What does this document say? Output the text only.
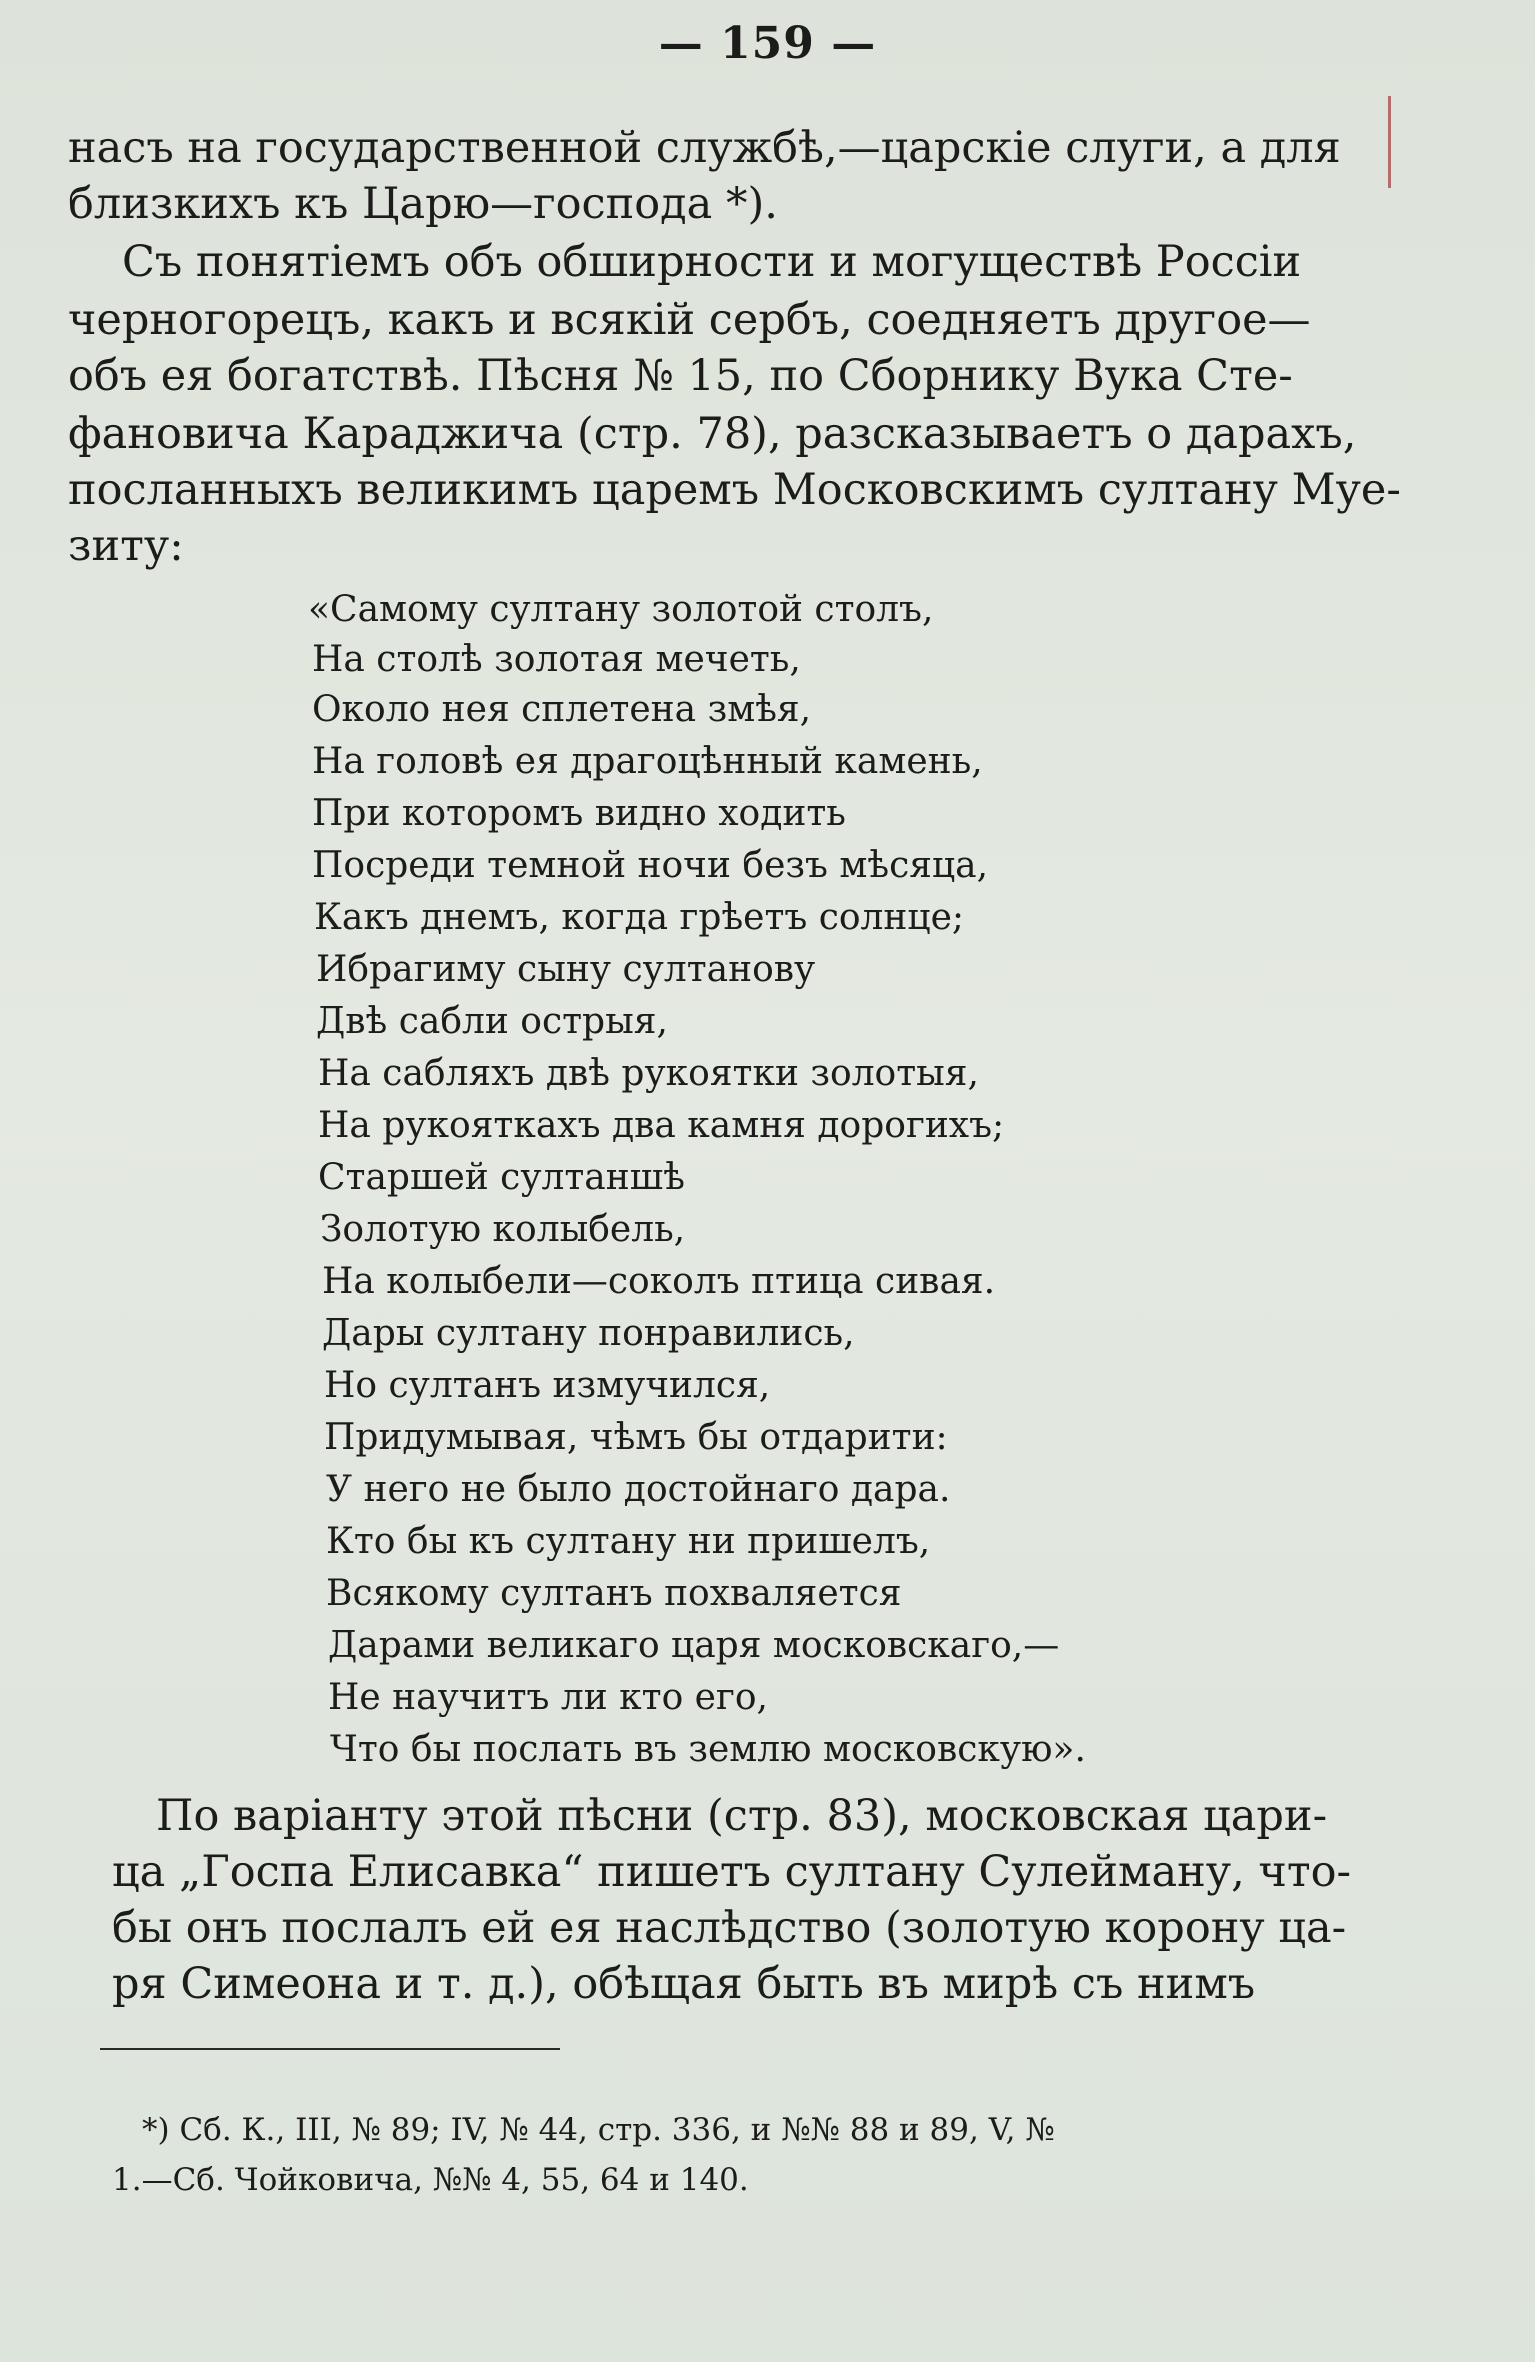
— 159 —
насъ на государственной службѣ,—царскіе слуги, а для
близкихъ къ Царю—господа *).
Съ понятіемъ объ обширности и могуществѣ Россіи
черногорецъ, какъ и всякій сербъ, соедняетъ другое—
объ ея богатствѣ. Пѣсня № 15, по Сборнику Вука Сте-
фановича Караджича (стр. 78), разсказываетъ о дарахъ,
посланныхъ великимъ царемъ Московскимъ султану Муе-
зиту:
«Самому султану золотой столъ,
На столѣ золотая мечеть,
Около нея сплетена змѣя,
На головѣ ея драгоцѣнный камень,
При которомъ видно ходить
Посреди темной ночи безъ мѣсяца,
Какъ днемъ, когда грѣетъ солнце;
Ибрагиму сыну султанову
Двѣ сабли острыя,
На сабляхъ двѣ рукоятки золотыя,
На рукояткахъ два камня дорогихъ;
Старшей султаншѣ
Золотую колыбель,
На колыбели—соколъ птица сивая.
Дары султану понравились,
Но султанъ измучился,
Придумывая, чѣмъ бы отдарити:
У него не было достойнаго дара.
Кто бы къ султану ни пришелъ,
Всякому султанъ похваляется
Дарами великаго царя московскаго,—
Не научитъ ли кто его,
Что бы послать въ землю московскую».
По варіанту этой пѣсни (стр. 83), московская цари-
ца „Госпа Елисавка“ пишетъ султану Сулейману, что-
бы онъ послалъ ей ея наслѣдство (золотую корону ца-
ря Симеона и т. д.), обѣщая быть въ мирѣ съ нимъ
*) Сб. К., III, № 89; IV, № 44, стр. 336, и №№ 88 и 89, V, №
1.—Сб. Чойковича, №№ 4, 55, 64 и 140.
